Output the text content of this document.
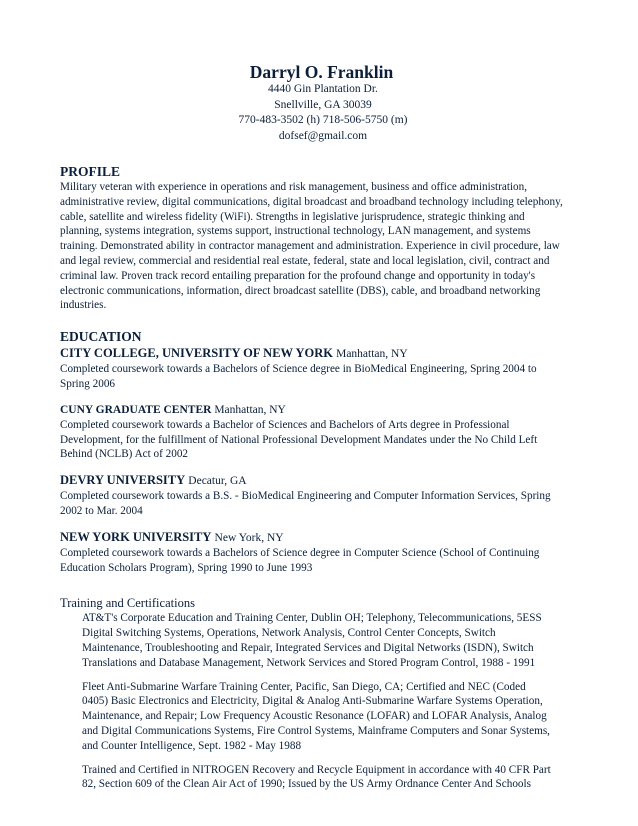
Darryl O. Franklin
4440 Gin Plantation Dr.
Snellville, GA 30039
770-483-3502 (h) 718-506-5750 (m)
dofsef@gmail.com
PROFILE
Military veteran with experience in operations and risk management, business and office administration,
administrative review, digital communications, digital broadcast and broadband technology including telephony,
cable, satellite and wireless fidelity (WiFi). Strengths in legislative jurisprudence, strategic thinking and
planning, systems integration, systems support, instructional technology, LAN management, and systems
training. Demonstrated ability in contractor management and administration. Experience in civil procedure, law
and legal review, commercial and residential real estate, federal, state and local legislation, civil, contract and
criminal law. Proven track record entailing preparation for the profound change and opportunity in today's
electronic communications, information, direct broadcast satellite (DBS), cable, and broadband networking
industries.
EDUCATION
CITY COLLEGE, UNIVERSITY OF NEW YORK Manhattan, NY
Completed coursework towards a Bachelors of Science degree in BioMedical Engineering, Spring 2004 to
Spring 2006
CUNY GRADUATE CENTER Manhattan, NY
Completed coursework towards a Bachelor of Sciences and Bachelors of Arts degree in Professional
Development, for the fulfillment of National Professional Development Mandates under the No Child Left
Behind (NCLB) Act of 2002
DEVRY UNIVERSITY Decatur, GA
Completed coursework towards a B.S. - BioMedical Engineering and Computer Information Services, Spring
2002 to Mar. 2004
NEW YORK UNIVERSITY New York, NY
Completed coursework towards a Bachelors of Science degree in Computer Science (School of Continuing
Education Scholars Program), Spring 1990 to June 1993
Training and Certifications
AT&T's Corporate Education and Training Center, Dublin OH; Telephony, Telecommunications, 5ESS
Digital Switching Systems, Operations, Network Analysis, Control Center Concepts, Switch
Maintenance, Troubleshooting and Repair, Integrated Services and Digital Networks (ISDN), Switch
Translations and Database Management, Network Services and Stored Program Control, 1988 - 1991
Fleet Anti-Submarine Warfare Training Center, Pacific, San Diego, CA; Certified and NEC (Coded
0405) Basic Electronics and Electricity, Digital & Analog Anti-Submarine Warfare Systems Operation,
Maintenance, and Repair; Low Frequency Acoustic Resonance (LOFAR) and LOFAR Analysis, Analog
and Digital Communications Systems, Fire Control Systems, Mainframe Computers and Sonar Systems,
and Counter Intelligence, Sept. 1982 - May 1988
Trained and Certified in NITROGEN Recovery and Recycle Equipment in accordance with 40 CFR Part
82, Section 609 of the Clean Air Act of 1990; Issued by the US Army Ordnance Center And Schools
